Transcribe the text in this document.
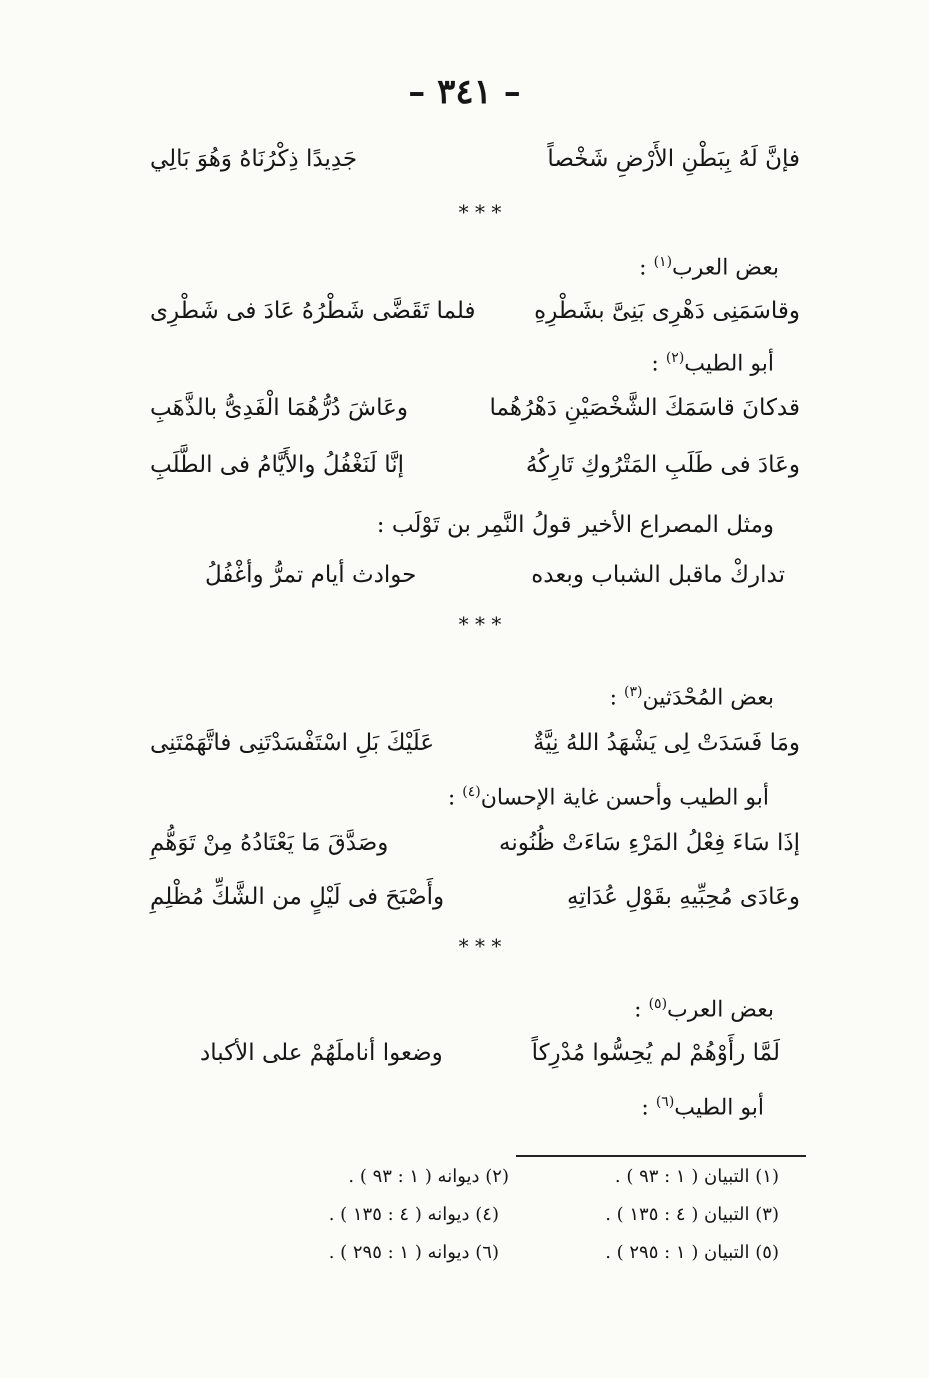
– ٣٤١ –
فإنَّ لَهُ بِبَطْنِ الأَرْضِ شَخْصاً
جَدِيدًا ذِكْرُنَاهُ وَهُوَ بَالِي
* * *
بعض العرب$^{(١)}$ :
وقاسَمَنِى دَهْرِى بَنِىَّ بشَطْرِهِ
فلما تَقَضَّى شَطْرُهُ عَادَ فى شَطْرِى
أبو الطيب$^{(٢)}$ :
قدكانَ قاسَمَكَ الشَّخْصَيْنِ دَهْرُهُما
وعَاشَ دُرُّهُمَا الْفَدِىُّ بالذَّهَبِ
وعَادَ فى طَلَبِ المَتْرُوكِ تَارِكُهُ
إنَّا لَنَغْفُلُ والأَيَّامُ فى الطَّلَبِ
ومثل المصراع الأخير قولُ النَّمِر بن تَوْلَب :
تداركْ ماقبل الشباب وبعده
حوادث أيام تمرُّ وأغْفُلُ
* * *
بعض المُحْدَثين$^{(٣)}$ :
ومَا فَسَدَتْ لِى يَشْهَدُ اللهُ نِيَّةٌ
عَلَيْكَ بَلِ اسْتَفْسَدْتَنِى فاتَّهَمْتَنِى
أبو الطيب وأحسن غاية الإحسان$^{(٤)}$ :
إذَا سَاءَ فِعْلُ المَرْءِ سَاءَتْ ظُنُونه
وصَدَّقَ مَا يَعْتَادُهُ مِنْ تَوَهُّمِ
وعَادَى مُحِبِّيهِ بقَوْلِ عُدَاتِهِ
وأَصْبَحَ فى لَيْلٍ من الشَّكِّ مُظْلِمِ
* * *
بعض العرب$^{(٥)}$ :
لَمَّا رأَوْهُمْ لم يُحِسُّوا مُدْرِكاً
وضعوا أناملَهُمْ على الأكباد
أبو الطيب$^{(٦)}$ :
(١) التبيان ( ١ : ٩٣ ) .
(٢) ديوانه ( ١ : ٩٣ ) .
(٣) التبيان ( ٤ : ١٣٥ ) .
(٤) ديوانه ( ٤ : ١٣٥ ) .
(٥) التبيان ( ١ : ٢٩٥ ) .
(٦) ديوانه ( ١ : ٢٩٥ ) .
